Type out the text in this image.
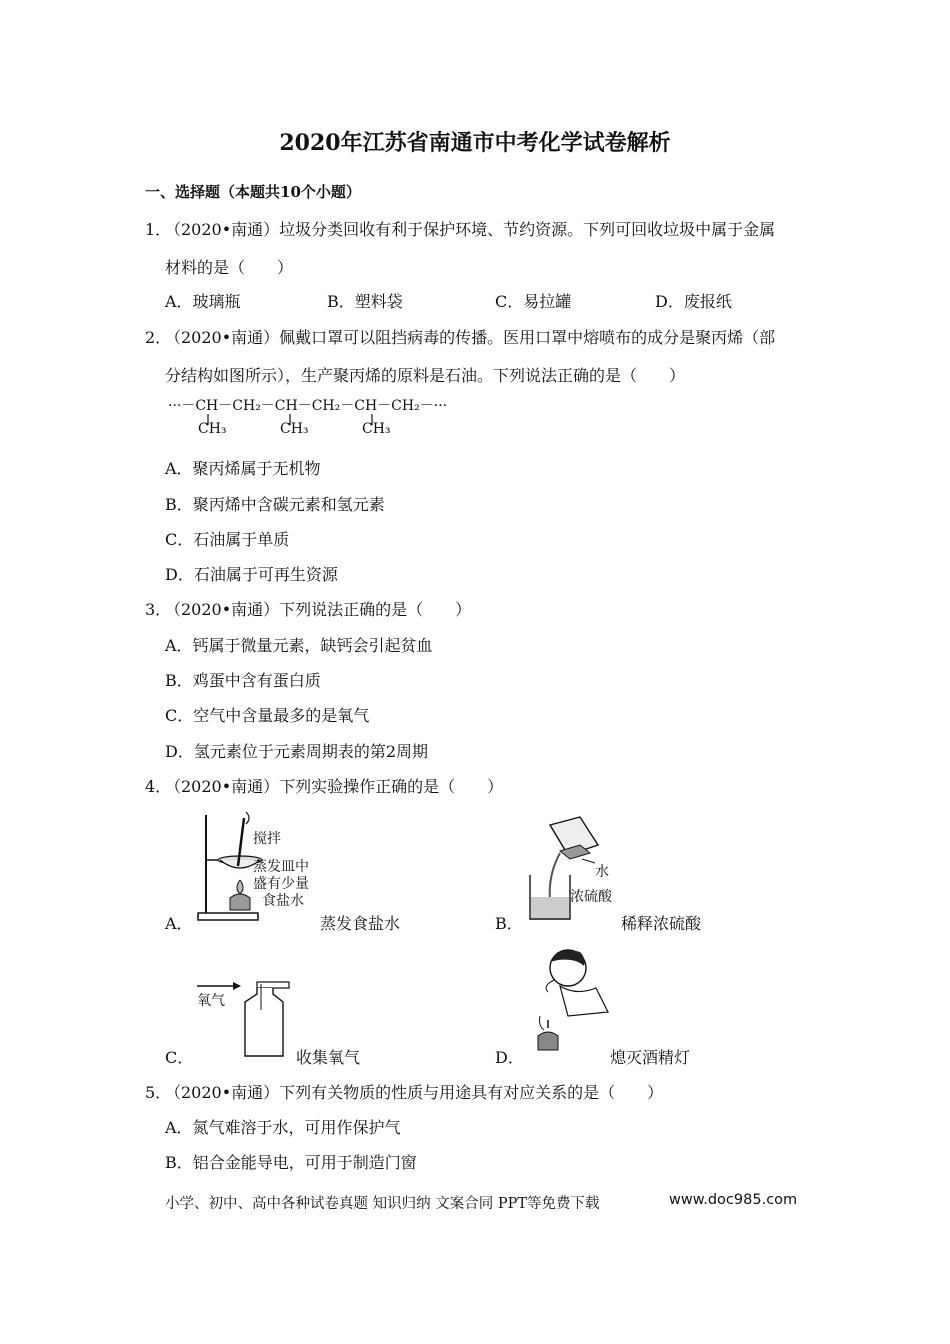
2020年江苏省南通市中考化学试卷解析
一、选择题（本题共10个小题）
1．
（2020•南通）垃圾分类回收有利于保护环境、节约资源。下列可回收垃圾中属于金属
材料的是（　　）
A．玻璃瓶	B．塑料袋	C．易拉罐	D．废报纸
2．
（2020•南通）佩戴口罩可以阻挡病毒的传播。医用口罩中熔喷布的成分是聚丙烯（部
分结构如图所示），生产聚丙烯的原料是石油。下列说法正确的是（　　）
···－CH－CH₂－CH－CH₂－CH－CH₂－···
CH₃	CH₃	CH₃
A．聚丙烯属于无机物
B．聚丙烯中含碳元素和氢元素
C．石油属于单质
D．石油属于可再生资源
3．
（2020•南通）下列说法正确的是（　　）
A．钙属于微量元素，缺钙会引起贫血
B．鸡蛋中含有蛋白质
C．空气中含量最多的是氧气
D．氢元素位于元素周期表的第2周期
4．
（2020•南通）下列实验操作正确的是（　　）
搅拌
蒸发皿中
盛有少量
食盐水
A．	蒸发食盐水
水
浓硫酸
B．	稀释浓硫酸
氧气
C．	收集氧气	D．	熄灭酒精灯
5．
（2020•南通）下列有关物质的性质与用途具有对应关系的是（　　）
A．氮气难溶于水，可用作保护气
B．铝合金能导电，可用于制造门窗
小学、初中、高中各种试卷真题 知识归纳 文案合同 PPT等免费下载	www.doc985.com
